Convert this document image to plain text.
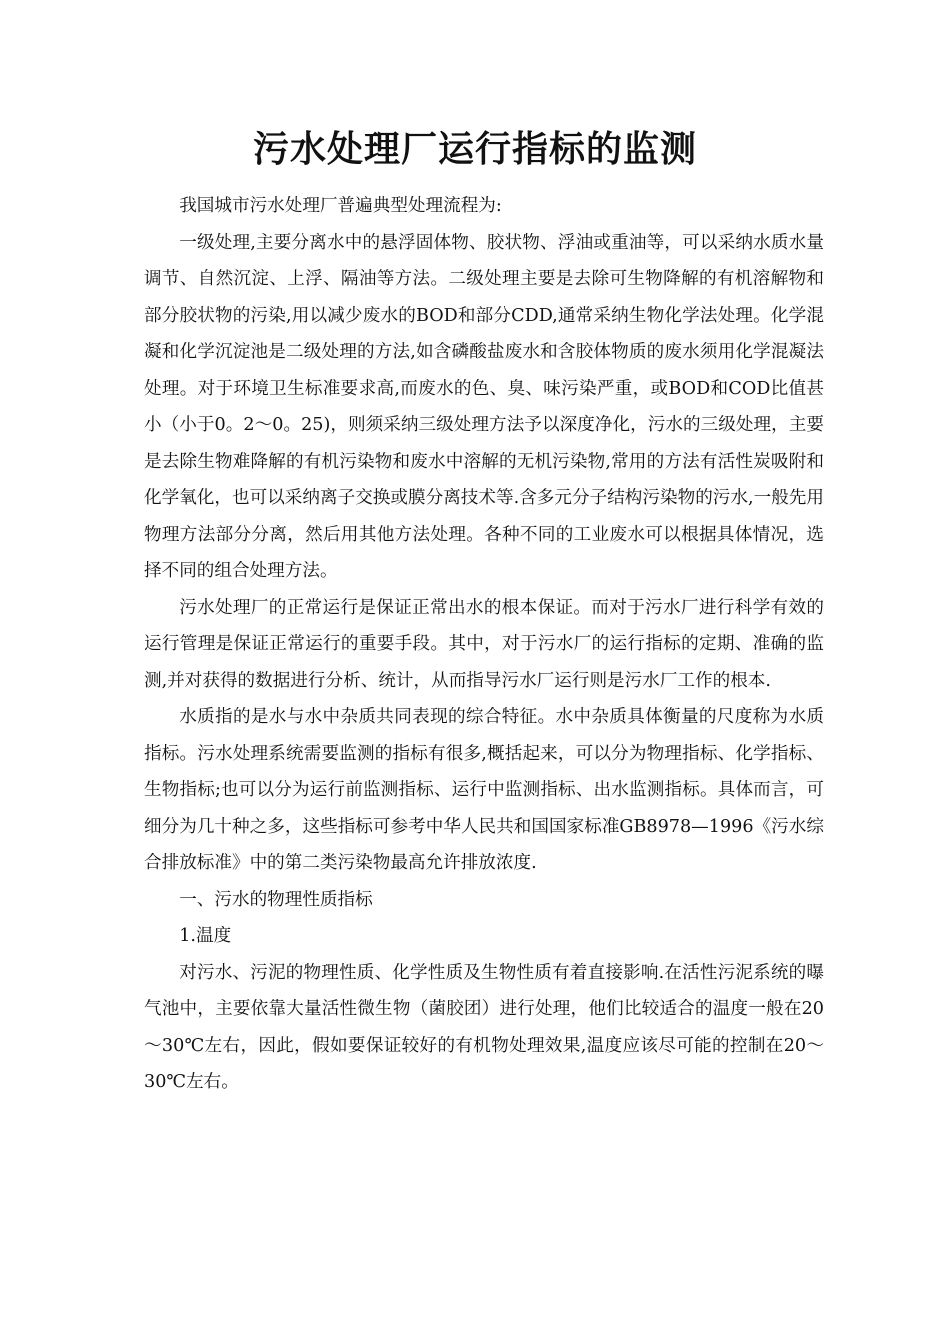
污水处理厂运行指标的监测

我国城市污水处理厂普遍典型处理流程为:

一级处理,主要分离水中的悬浮固体物、胶状物、浮油或重油等，可以采纳水质水量调节、自然沉淀、上浮、隔油等方法。二级处理主要是去除可生物降解的有机溶解物和部分胶状物的污染,用以减少废水的BOD和部分CDD,通常采纳生物化学法处理。化学混凝和化学沉淀池是二级处理的方法,如含磷酸盐废水和含胶体物质的废水须用化学混凝法处理。对于环境卫生标准要求高,而废水的色、臭、味污染严重，或BOD和COD比值甚小（小于0。2～0。25)，则须采纳三级处理方法予以深度净化，污水的三级处理，主要是去除生物难降解的有机污染物和废水中溶解的无机污染物,常用的方法有活性炭吸附和化学氧化，也可以采纳离子交换或膜分离技术等.含多元分子结构污染物的污水,一般先用物理方法部分分离，然后用其他方法处理。各种不同的工业废水可以根据具体情况，选择不同的组合处理方法。

污水处理厂的正常运行是保证正常出水的根本保证。而对于污水厂进行科学有效的运行管理是保证正常运行的重要手段。其中，对于污水厂的运行指标的定期、准确的监测,并对获得的数据进行分析、统计，从而指导污水厂运行则是污水厂工作的根本.

水质指的是水与水中杂质共同表现的综合特征。水中杂质具体衡量的尺度称为水质指标。污水处理系统需要监测的指标有很多,概括起来，可以分为物理指标、化学指标、生物指标;也可以分为运行前监测指标、运行中监测指标、出水监测指标。具体而言，可细分为几十种之多，这些指标可参考中华人民共和国国家标准GB8978—1996《污水综合排放标准》中的第二类污染物最高允许排放浓度.

一、污水的物理性质指标

1.温度

对污水、污泥的物理性质、化学性质及生物性质有着直接影响.在活性污泥系统的曝气池中，主要依靠大量活性微生物（菌胶团）进行处理，他们比较适合的温度一般在20～30℃左右，因此，假如要保证较好的有机物处理效果,温度应该尽可能的控制在20～30℃左右。
